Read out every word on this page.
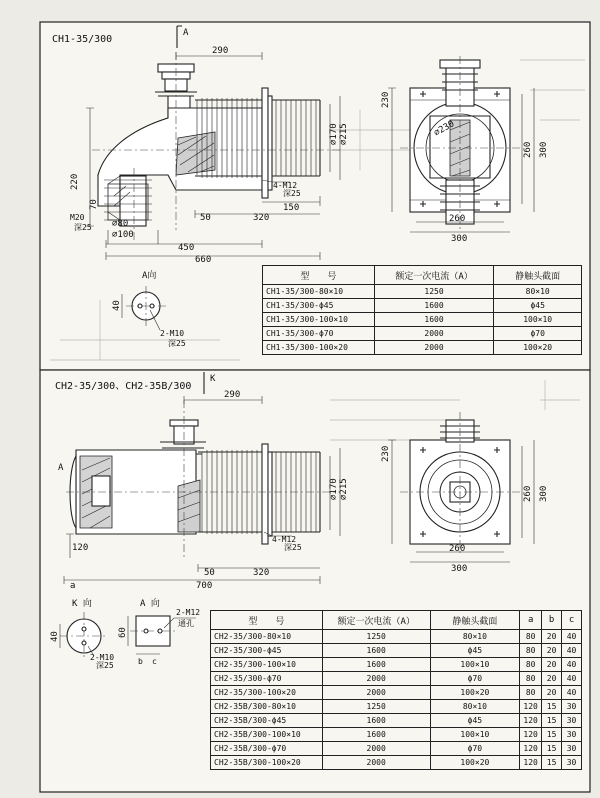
CH1-35/300
A
290
220
70
⌀170 ⌀215
4-M12
深25
150
50	320
M20
深25 ⌀80
⌀100
450
660
A向
40
2-M10
深25
230
⌀230
260 300
260
300
CH2-35/300、CH2-35B/300
K
A
290
⌀170 ⌀215
4-M12
深25
120
50	320
a	700
K 向
40
2-M10
深25
A 向
60
b c
2-M12
通孔
230
260 300
260
300
型　　号	额定一次电流（A）	静触头截面
CH1-35/300-80×10	1250	80×10
CH1-35/300-ϕ45	1600	ϕ45
CH1-35/300-100×10	1600	100×10
CH1-35/300-ϕ70	2000	ϕ70
CH1-35/300-100×20	2000	100×20
型　　号	额定一次电流（A）	静触头截面	a	b	c
CH2-35/300-80×10	1250	80×10	80	20	40
CH2-35/300-ϕ45	1600	ϕ45	80	20	40
CH2-35/300-100×10	1600	100×10	80	20	40
CH2-35/300-ϕ70	2000	ϕ70	80	20	40
CH2-35/300-100×20	2000	100×20	80	20	40
CH2-35B/300-80×10	1250	80×10	120	15	30
CH2-35B/300-ϕ45	1600	ϕ45	120	15	30
CH2-35B/300-100×10	1600	100×10	120	15	30
CH2-35B/300-ϕ70	2000	ϕ70	120	15	30
CH2-35B/300-100×20	2000	100×20	120	15	30
